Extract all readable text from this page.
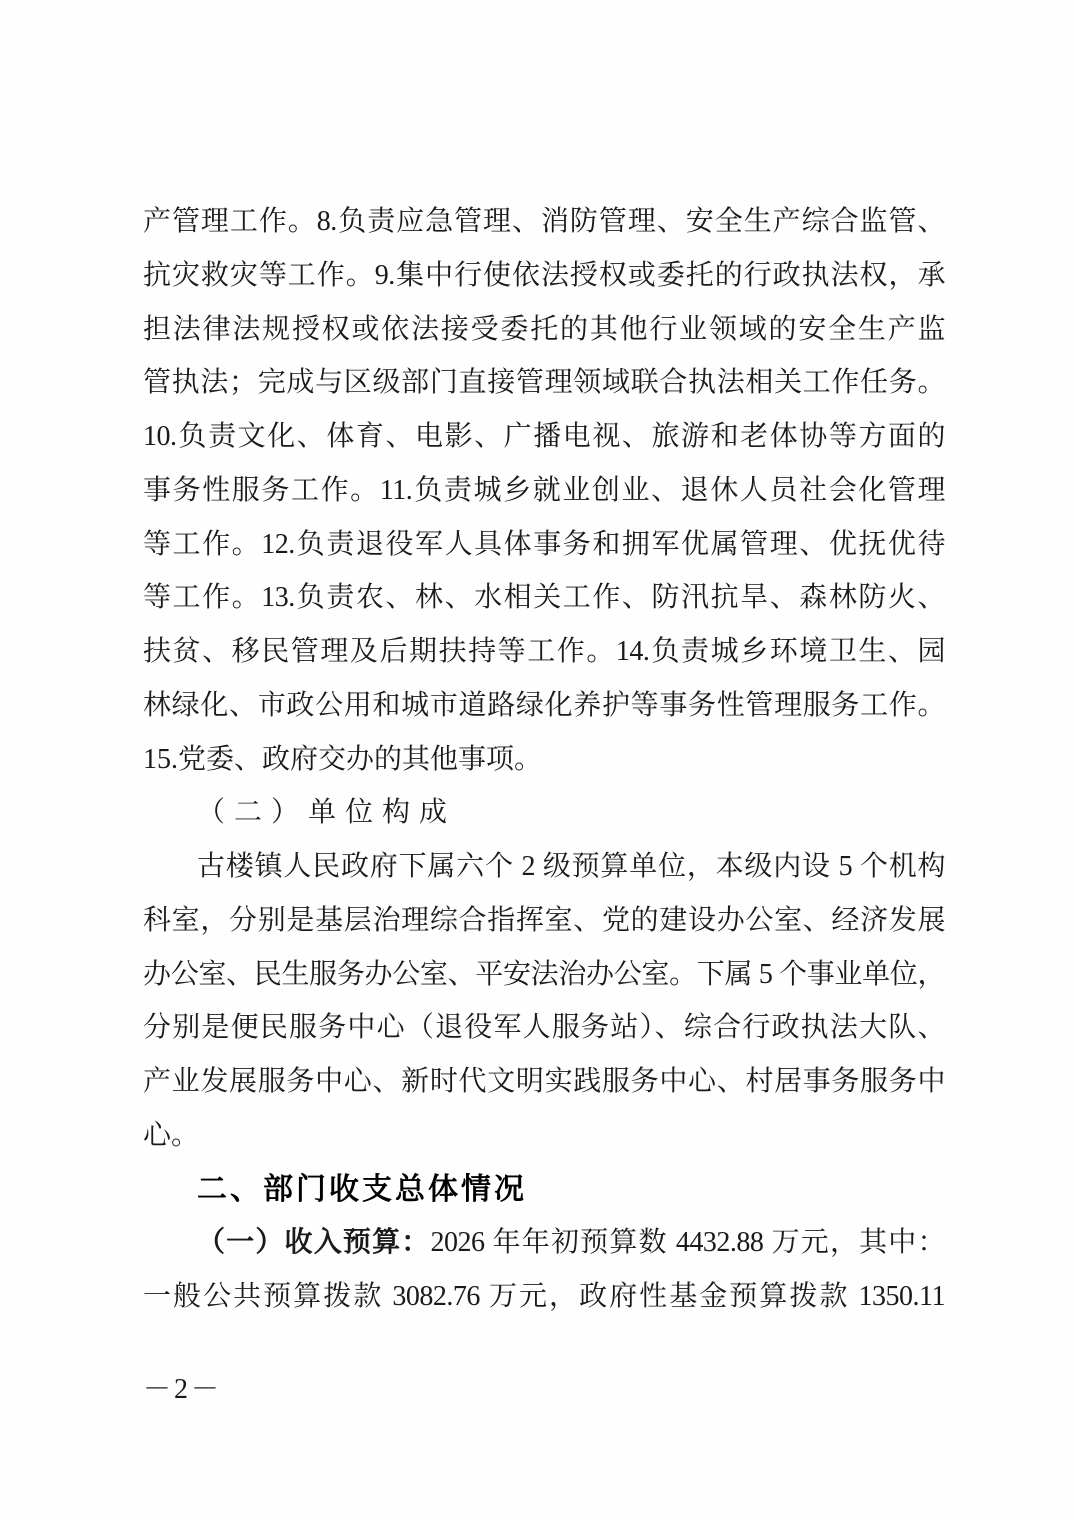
产管理工作。8.负责应急管理、消防管理、安全生产综合监管、
抗灾救灾等工作。9.集中行使依法授权或委托的行政执法权，承
担法律法规授权或依法接受委托的其他行业领域的安全生产监
管执法；完成与区级部门直接管理领域联合执法相关工作任务。
10.负责文化、体育、电影、广播电视、旅游和老体协等方面的
事务性服务工作。11.负责城乡就业创业、退休人员社会化管理
等工作。12.负责退役军人具体事务和拥军优属管理、优抚优待
等工作。13.负责农、林、水相关工作、防汛抗旱、森林防火、
扶贫、移民管理及后期扶持等工作。14.负责城乡环境卫生、园
林绿化、市政公用和城市道路绿化养护等事务性管理服务工作。
15.党委、政府交办的其他事项。
（二）单位构成
古楼镇人民政府下属六个 2 级预算单位，本级内设 5 个机构
科室，分别是基层治理综合指挥室、党的建设办公室、经济发展
办公室、民生服务办公室、平安法治办公室。下属 5 个事业单位，
分别是便民服务中心（退役军人服务站）、综合行政执法大队、
产业发展服务中心、新时代文明实践服务中心、村居事务服务中
心。
二、部门收支总体情况
（一）收入预算：2026 年年初预算数 4432.88 万元，其中：
一般公共预算拨款 3082.76 万元，政府性基金预算拨款 1350.11
－2－
